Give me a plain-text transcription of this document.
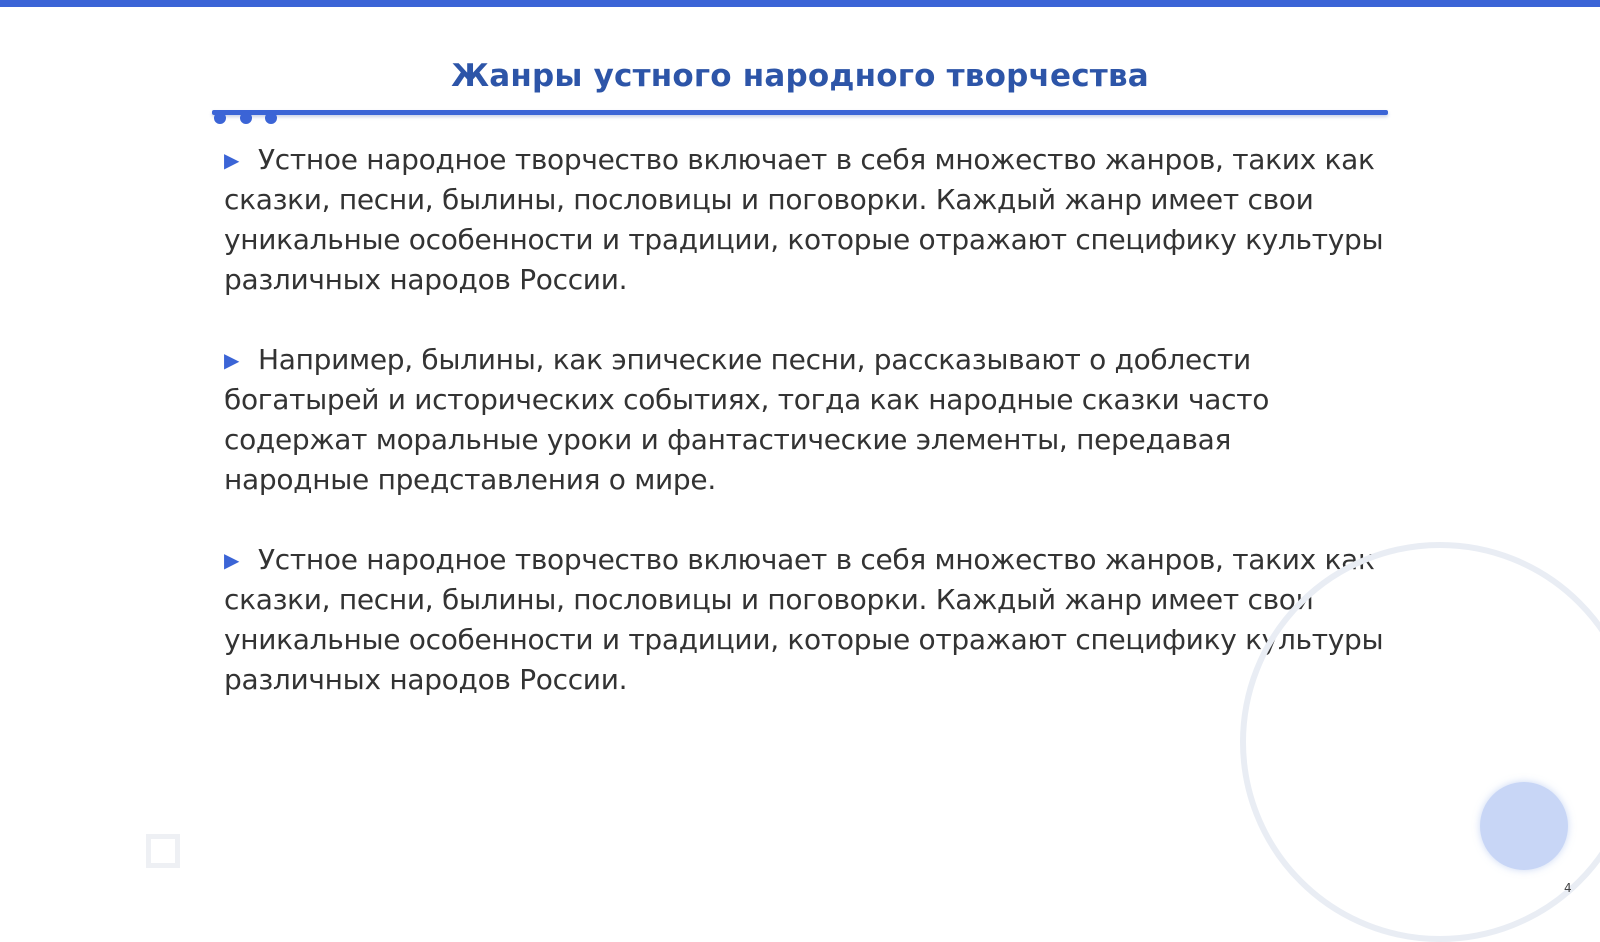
Жанры устного народного творчества

▶ Устное народное творчество включает в себя множество жанров, таких как сказки, песни, былины, пословицы и поговорки. Каждый жанр имеет свои уникальные особенности и традиции, которые отражают специфику культуры различных народов России.

▶ Например, былины, как эпические песни, рассказывают о доблести богатырей и исторических событиях, тогда как народные сказки часто содержат моральные уроки и фантастические элементы, передавая народные представления о мире.

▶ Устное народное творчество включает в себя множество жанров, таких как сказки, песни, былины, пословицы и поговорки. Каждый жанр имеет свои уникальные особенности и традиции, которые отражают специфику культуры различных народов России.

4
